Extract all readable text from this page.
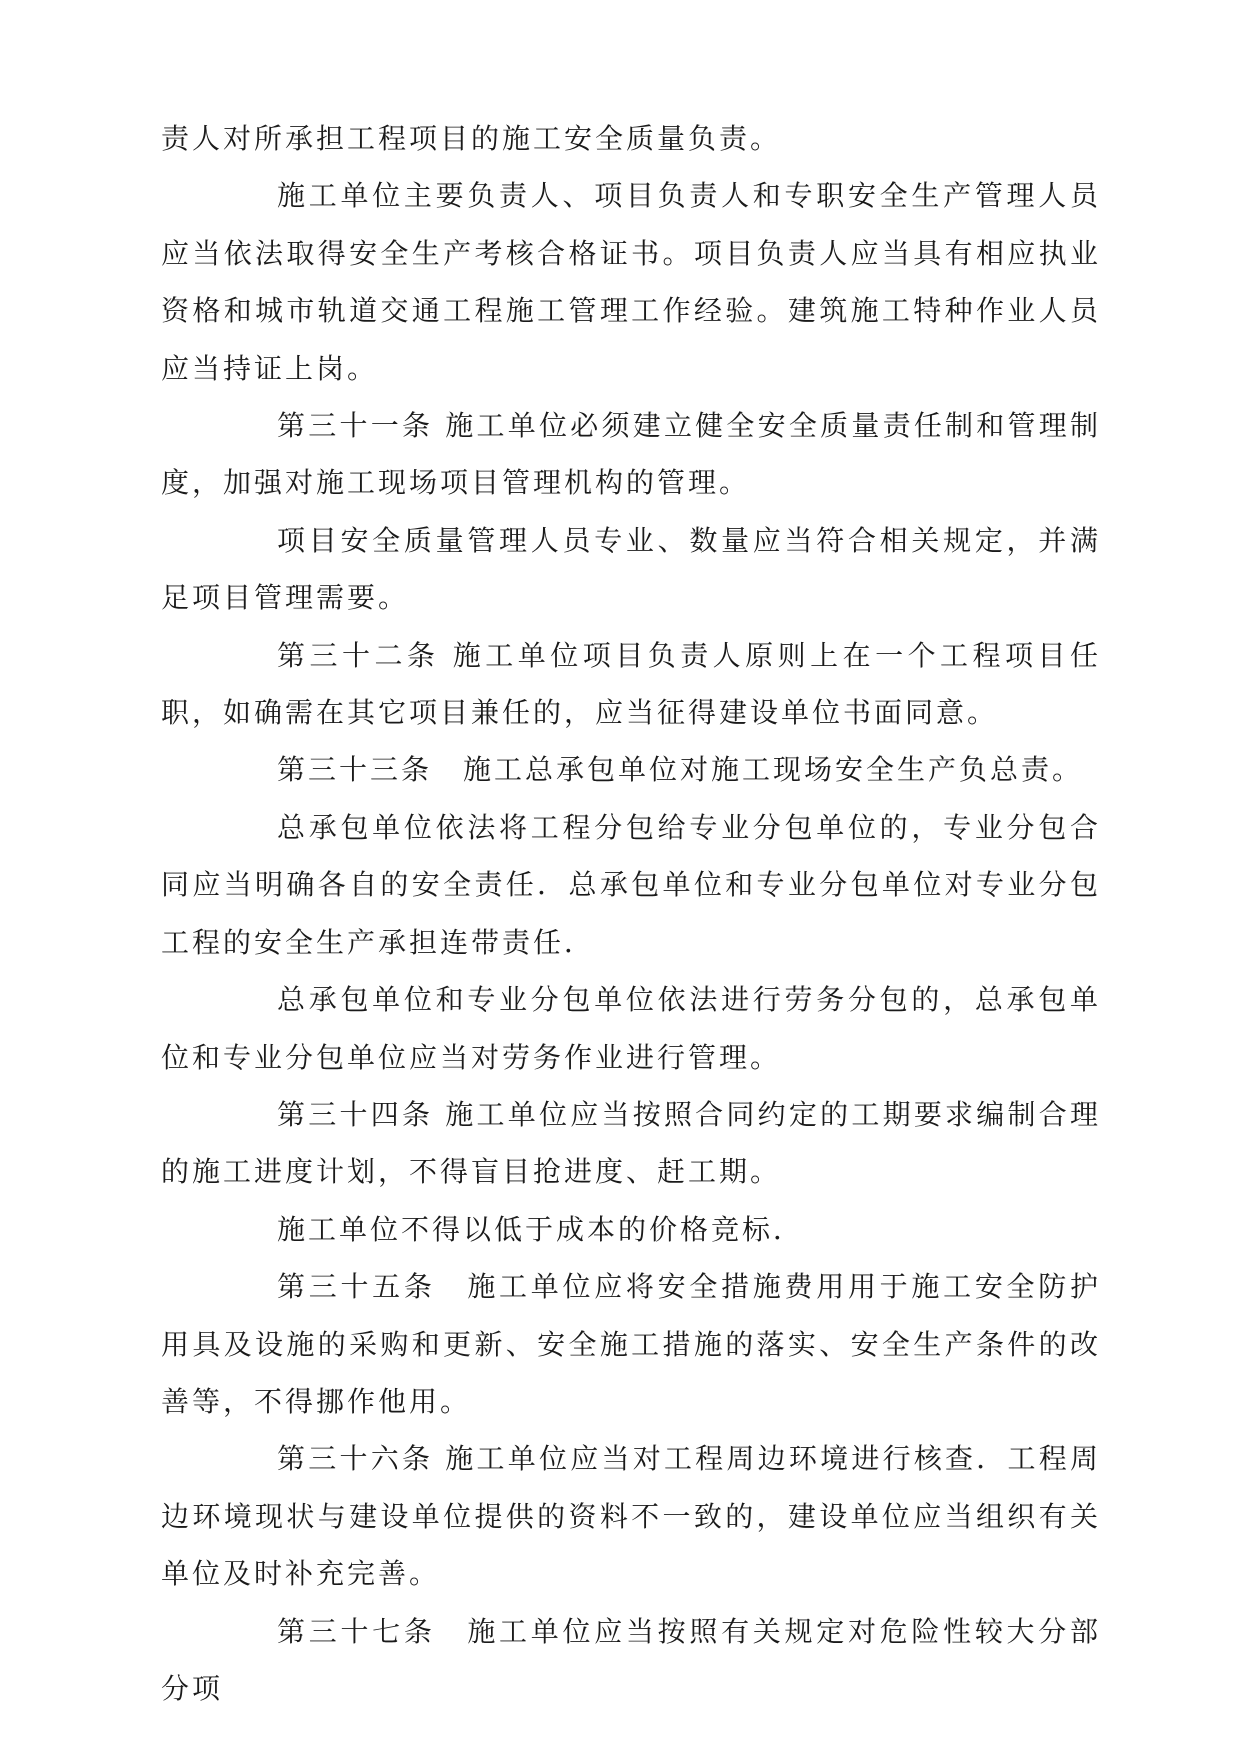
责人对所承担工程项目的施工安全质量负责。

施工单位主要负责人、项目负责人和专职安全生产管理人员应当依法取得安全生产考核合格证书。项目负责人应当具有相应执业资格和城市轨道交通工程施工管理工作经验。建筑施工特种作业人员应当持证上岗。

第三十一条 施工单位必须建立健全安全质量责任制和管理制度，加强对施工现场项目管理机构的管理。

项目安全质量管理人员专业、数量应当符合相关规定，并满足项目管理需要。

第三十二条 施工单位项目负责人原则上在一个工程项目任职，如确需在其它项目兼任的，应当征得建设单位书面同意。

第三十三条　施工总承包单位对施工现场安全生产负总责。

总承包单位依法将工程分包给专业分包单位的，专业分包合同应当明确各自的安全责任．总承包单位和专业分包单位对专业分包工程的安全生产承担连带责任．

总承包单位和专业分包单位依法进行劳务分包的，总承包单位和专业分包单位应当对劳务作业进行管理。

第三十四条 施工单位应当按照合同约定的工期要求编制合理的施工进度计划，不得盲目抢进度、赶工期。

施工单位不得以低于成本的价格竞标．

第三十五条　施工单位应将安全措施费用用于施工安全防护用具及设施的采购和更新、安全施工措施的落实、安全生产条件的改善等，不得挪作他用。

第三十六条 施工单位应当对工程周边环境进行核查．工程周边环境现状与建设单位提供的资料不一致的，建设单位应当组织有关单位及时补充完善。

第三十七条　施工单位应当按照有关规定对危险性较大分部分项
